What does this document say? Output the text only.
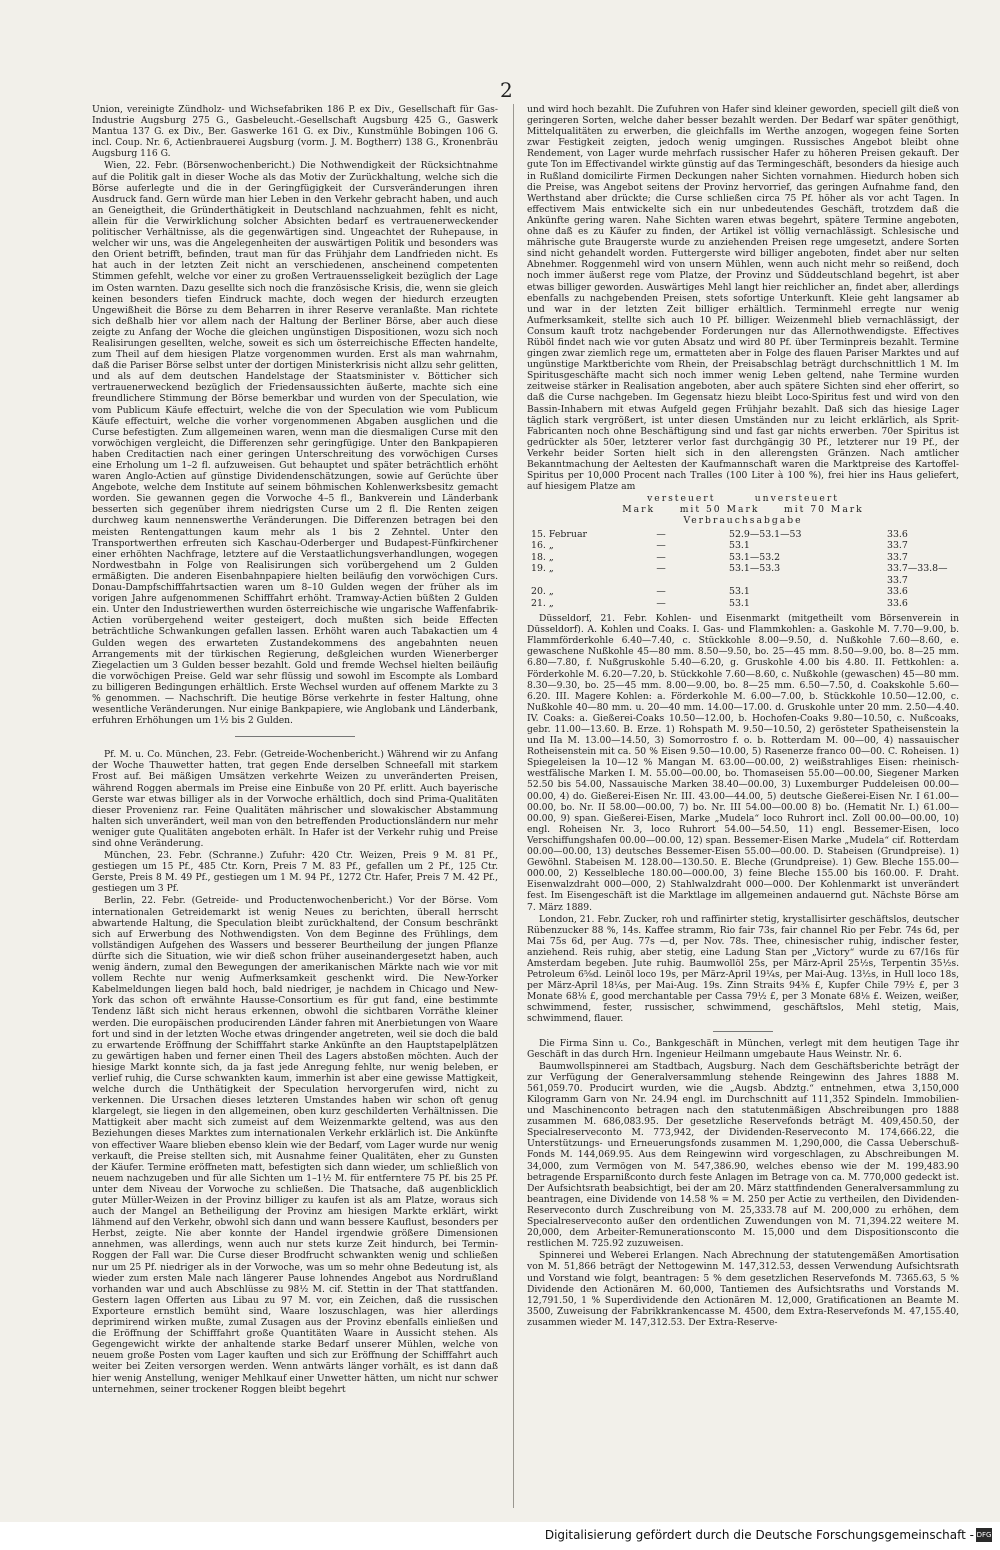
2

Union, vereinigte Zündholz- und Wichsefabriken 186 P. ex Div., Gesellschaft für Gas-Industrie Augsburg 275 G., Gasbeleucht.-Gesellschaft Augsburg 425 G., Gaswerk Mantua 137 G. ex Div., Ber. Gaswerke 161 G. ex Div., Kunstmühle Bobingen 106 G. incl. Coup. Nr. 6, Actienbrauerei Augsburg (vorm. J. M. Bogtherr) 138 G., Kronenbräu Augsburg 116 G.

Wien, 22. Febr. (Börsenwochenbericht.) Die Nothwendigkeit der Rücksichtnahme auf die Politik galt in dieser Woche als das Motiv der Zurückhaltung, welche sich die Börse auferlegte und die in der Geringfügigkeit der Cursveränderungen ihren Ausdruck fand. Gern würde man hier Leben in den Verkehr gebracht haben, und auch an Geneigtheit, die Gründerthätigkeit in Deutschland nachzuahmen, fehlt es nicht, allein für die Verwirklichung solcher Absichten bedarf es vertrauenerweckender politischer Verhältnisse, als die gegenwärtigen sind. Ungeachtet der Ruhepause, in welcher wir uns, was die Angelegenheiten der auswärtigen Politik und besonders was den Orient betrifft, befinden, traut man für das Frühjahr dem Landfrieden nicht. Es hat auch in der letzten Zeit nicht an verschiedenen, anscheinend competenten Stimmen gefehlt, welche vor einer zu großen Vertrauensseligkeit bezüglich der Lage im Osten warnten. Dazu gesellte sich noch die französische Krisis, die, wenn sie gleich keinen besonders tiefen Eindruck machte, doch wegen der hiedurch erzeugten Ungewißheit die Börse zu dem Beharren in ihrer Reserve veranlaßte. Man richtete sich deßhalb hier vor allem nach der Haltung der Berliner Börse, aber auch diese zeigte zu Anfang der Woche die gleichen ungünstigen Dispositionen, wozu sich noch Realisirungen gesellten, welche, soweit es sich um österreichische Effecten handelte, zum Theil auf dem hiesigen Platze vorgenommen wurden. Erst als man wahrnahm, daß die Pariser Börse selbst unter der dortigen Ministerkrisis nicht allzu sehr gelitten, und als auf dem deutschen Handelstage der Staatsminister v. Bötticher sich vertrauenerweckend bezüglich der Friedensaussichten äußerte, machte sich eine freundlichere Stimmung der Börse bemerkbar und wurden von der Speculation, wie vom Publicum Käufe effectuirt, welche die von der Speculation wie vom Publicum Käufe effectuirt, welche die vorher vorgenommenen Abgaben ausglichen und die Curse befestigten. Zum allgemeinen waren, wenn man die diesmaligen Curse mit den vorwöchigen vergleicht, die Differenzen sehr geringfügige. Unter den Bankpapieren haben Creditactien nach einer geringen Unterschreitung des vorwöchigen Curses eine Erholung um 1–2 fl. aufzuweisen. Gut behauptet und später beträchtlich erhöht waren Anglo-Actien auf günstige Dividendenschätzungen, sowie auf Gerüchte über Angebote, welche dem Institute auf seinem böhmischen Kohlenwerksbesitz gemacht worden. Sie gewannen gegen die Vorwoche 4–5 fl., Bankverein und Länderbank besserten sich gegenüber ihrem niedrigsten Curse um 2 fl. Die Renten zeigen durchweg kaum nennenswerthe Veränderungen. Die Differenzen betragen bei den meisten Rentengattungen kaum mehr als 1 bis 2 Zehntel. Unter den Transportwerthen erfreuten sich Kaschau-Oderberger und Budapest-Fünfkirchener einer erhöhten Nachfrage, letztere auf die Verstaatlichungsverhandlungen, wogegen Nordwestbahn in Folge von Realisirungen sich vorübergehend um 2 Gulden ermäßigten. Die anderen Eisenbahnpapiere hielten beiläufig den vorwöchigen Curs. Donau-Dampfschifffahrtsactien waren um 8–10 Gulden wegen der früher als im vorigen Jahre aufgenommenen Schifffahrt erhöht. Tramway-Actien büßten 2 Gulden ein. Unter den Industriewerthen wurden österreichische wie ungarische Waffenfabrik-Actien vorübergehend weiter gesteigert, doch mußten sich beide Effecten beträchtliche Schwankungen gefallen lassen. Erhöht waren auch Tabakactien um 4 Gulden wegen des erwarteten Zustandekommens des angebahnten neuen Arrangements mit der türkischen Regierung, deßgleichen wurden Wienerberger Ziegelactien um 3 Gulden besser bezahlt. Gold und fremde Wechsel hielten beiläufig die vorwöchigen Preise. Geld war sehr flüssig und sowohl im Escompte als Lombard zu billigeren Bedingungen erhältlich. Erste Wechsel wurden auf offenem Markte zu 3 % genommen. — Nachschrift. Die heutige Börse verkehrte in fester Haltung, ohne wesentliche Veränderungen. Nur einige Bankpapiere, wie Anglobank und Länderbank, erfuhren Erhöhungen um 1½ bis 2 Gulden.

Pf. M. u. Co. München, 23. Febr. (Getreide-Wochenbericht.) Während wir zu Anfang der Woche Thauwetter hatten, trat gegen Ende derselben Schneefall mit starkem Frost auf. Bei mäßigen Umsätzen verkehrte Weizen zu unveränderten Preisen, während Roggen abermals im Preise eine Einbuße von 20 Pf. erlitt. Auch bayerische Gerste war etwas billiger als in der Vorwoche erhältlich, doch sind Prima-Qualitäten dieser Provenienz rar. Feine Qualitäten mährischer und slowakischer Abstammung halten sich unverändert, weil man von den betreffenden Productionsländern nur mehr weniger gute Qualitäten angeboten erhält. In Hafer ist der Verkehr ruhig und Preise sind ohne Veränderung.

München, 23. Febr. (Schranne.) Zufuhr: 420 Ctr. Weizen, Preis 9 M. 81 Pf., gestiegen um 15 Pf., 485 Ctr. Korn, Preis 7 M. 83 Pf., gefallen um 2 Pf., 125 Ctr. Gerste, Preis 8 M. 49 Pf., gestiegen um 1 M. 94 Pf., 1272 Ctr. Hafer, Preis 7 M. 42 Pf., gestiegen um 3 Pf.

Berlin, 22. Febr. (Getreide- und Productenwochenbericht.) Vor der Börse. Vom internationalen Getreidemarkt ist wenig Neues zu berichten, überall herrscht abwartende Haltung, die Speculation bleibt zurückhaltend, der Consum beschränkt sich auf Erwerbung des Nothwendigsten. Von dem Beginne des Frühlings, dem vollständigen Aufgehen des Wassers und besserer Beurtheilung der jungen Pflanze dürfte sich die Situation, wie wir dieß schon früher auseinandergesetzt haben, auch wenig ändern, zumal den Bewegungen der amerikanischen Märkte nach wie vor mit vollem Rechte nur wenig Aufmerksamkeit geschenkt wird. Die New-Yorker Kabelmeldungen liegen bald hoch, bald niedriger, je nachdem in Chicago und New-York das schon oft erwähnte Hausse-Consortium es für gut fand, eine bestimmte Tendenz läßt sich nicht heraus erkennen, obwohl die sichtbaren Vorräthe kleiner werden. Die europäischen producirenden Länder fahren mit Anerbietungen von Waare fort und sind in der letzten Woche etwas dringender angetreten, weil sie doch die bald zu erwartende Eröffnung der Schifffahrt starke Ankünfte an den Hauptstapelplätzen zu gewärtigen haben und ferner einen Theil des Lagers abstoßen möchten. Auch der hiesige Markt konnte sich, da ja fast jede Anregung fehlte, nur wenig beleben, er verlief ruhig, die Curse schwankten kaum, immerhin ist aber eine gewisse Mattigkeit, welche durch die Unthätigkeit der Speculation hervorgerufen wird, nicht zu verkennen. Die Ursachen dieses letzteren Umstandes haben wir schon oft genug klargelegt, sie liegen in den allgemeinen, oben kurz geschilderten Verhältnissen. Die Mattigkeit aber macht sich zumeist auf dem Weizenmarkte geltend, was aus den Beziehungen dieses Marktes zum internationalen Verkehr erklärlich ist. Die Ankünfte von effectiver Waare blieben ebenso klein wie der Bedarf, vom Lager wurde nur wenig verkauft, die Preise stellten sich, mit Ausnahme feiner Qualitäten, eher zu Gunsten der Käufer. Termine eröffneten matt, befestigten sich dann wieder, um schließlich von neuem nachzugeben und für alle Sichten um 1–1½ M. für entferntere 75 Pf. bis 25 Pf. unter dem Niveau der Vorwoche zu schließen. Die Thatsache, daß augenblicklich guter Müller-Weizen in der Provinz billiger zu kaufen ist als am Platze, woraus sich auch der Mangel an Betheiligung der Provinz am hiesigen Markte erklärt, wirkt lähmend auf den Verkehr, obwohl sich dann und wann bessere Kauflust, besonders per Herbst, zeigte. Nie aber konnte der Handel irgendwie größere Dimensionen annehmen, was allerdings, wenn auch nur stets kurze Zeit hindurch, bei Termin-Roggen der Fall war. Die Curse dieser Brodfrucht schwankten wenig und schließen nur um 25 Pf. niedriger als in der Vorwoche, was um so mehr ohne Bedeutung ist, als wieder zum ersten Male nach längerer Pause lohnendes Angebot aus Nordrußland vorhanden war und auch Abschlüsse zu 98½ M. cif. Stettin in der That stattfanden. Gestern lagen Offerten aus Libau zu 97 M. vor, ein Zeichen, daß die russischen Exporteure ernstlich bemüht sind, Waare loszuschlagen, was hier allerdings deprimirend wirken mußte, zumal Zusagen aus der Provinz ebenfalls einließen und die Eröffnung der Schifffahrt große Quantitäten Waare in Aussicht stehen. Als Gegengewicht wirkte der anhaltende starke Bedarf unserer Mühlen, welche von neuem große Posten vom Lager kauften und sich zur Eröffnung der Schifffahrt auch weiter bei Zeiten versorgen werden. Wenn antwärts länger vorhält, es ist dann daß hier wenig Anstellung, weniger Mehlkauf einer Unwetter hätten, um nicht nur schwer unternehmen, seiner trockener Roggen bleibt begehrt

und wird hoch bezahlt. Die Zufuhren von Hafer sind kleiner geworden, speciell gilt dieß von geringeren Sorten, welche daher besser bezahlt werden. Der Bedarf war später genöthigt, Mittelqualitäten zu erwerben, die gleichfalls im Werthe anzogen, wogegen feine Sorten zwar Festigkeit zeigten, jedoch wenig umgingen. Russisches Angebot bleibt ohne Rendement, von Lager wurde mehrfach russischer Hafer zu höheren Preisen gekauft. Der gute Ton im Effectivandel wirkte günstig auf das Termingeschäft, besonders da hiesige auch in Rußland domicilirte Firmen Deckungen naher Sichten vornahmen. Hiedurch hoben sich die Preise, was Angebot seitens der Provinz hervorrief, das geringen Aufnahme fand, den Werthstand aber drückte; die Curse schließen circa 75 Pf. höher als vor acht Tagen. In effectivem Mais entwickelte sich ein nur unbedeutendes Geschäft, trotzdem daß die Ankünfte gering waren. Nahe Sichten waren etwas begehrt, spätere Termine angeboten, ohne daß es zu Käufer zu finden, der Artikel ist völlig vernachlässigt. Schlesische und mährische gute Braugerste wurde zu anziehenden Preisen rege umgesetzt, andere Sorten sind nicht gehandelt worden. Futtergerste wird billiger angeboten, findet aber nur selten Abnehmer. Roggenmehl wird von unsern Mühlen, wenn auch nicht mehr so reißend, doch noch immer äußerst rege vom Platze, der Provinz und Süddeutschland begehrt, ist aber etwas billiger geworden. Auswärtiges Mehl langt hier reichlicher an, findet aber, allerdings ebenfalls zu nachgebenden Preisen, stets sofortige Unterkunft. Kleie geht langsamer ab und war in der letzten Zeit billiger erhältlich. Terminmehl erregte nur wenig Aufmerksamkeit, stellte sich auch 10 Pf. billiger. Weizenmehl blieb vernachlässigt, der Consum kauft trotz nachgebender Forderungen nur das Allernothwendigste. Effectives Rüböl findet nach wie vor guten Absatz und wird 80 Pf. über Terminpreis bezahlt. Termine gingen zwar ziemlich rege um, ermatteten aber in Folge des flauen Pariser Marktes und auf ungünstige Marktberichte vom Rhein, der Preisabschlag beträgt durchschnittlich 1 M. Im Spiritusgeschäfte macht sich noch immer wenig Leben geltend, nahe Termine wurden zeitweise stärker in Realisation angeboten, aber auch spätere Sichten sind eher offerirt, so daß die Curse nachgeben. Im Gegensatz hiezu bleibt Loco-Spiritus fest und wird von den Bassin-Inhabern mit etwas Aufgeld gegen Frühjahr bezahlt. Daß sich das hiesige Lager täglich stark vergrößert, ist unter diesen Umständen nur zu leicht erklärlich, als Sprit-Fabricanten noch ohne Beschäftigung sind und fast gar nichts erwerben. 70er Spiritus ist gedrückter als 50er, letzterer verlor fast durchgängig 30 Pf., letzterer nur 19 Pf., der Verkehr beider Sorten hielt sich in den allerengsten Gränzen. Nach amtlicher Bekanntmachung der Aeltesten der Kaufmannschaft waren die Marktpreise des Kartoffel-Spiritus per 10,000 Procent nach Tralles (100 Liter à 100 %), frei hier ins Haus geliefert, auf hiesigem Platze am

versteuert	unversteuert
Mark	mit 50 Mark	mit 70 Mark
Verbrauchsabgabe
15. Februar	—	52.9—53.1—53	33.6
16. „	—	53.1	33.7
18. „	—	53.1—53.2	33.7
19. „	—	53.1—53.3	33.7—33.8—33.7
20. „	—	53.1	33.6
21. „	—	53.1	33.6

Düsseldorf, 21. Febr. Kohlen- und Eisenmarkt (mitgetheilt vom Börsenverein in Düsseldorf). A. Kohlen und Coaks. I. Gas- und Flammkohlen: a. Gaskohle M. 7.70—9.00, b. Flammförderkohle 6.40—7.40, c. Stückkohle 8.00—9.50, d. Nußkohle 7.60—8.60, e. gewaschene Nußkohle 45—80 mm. 8.50—9.50, bo. 25—45 mm. 8.50—9.00, bo. 8—25 mm. 6.80—7.80, f. Nußgruskohle 5.40—6.20, g. Gruskohle 4.00 bis 4.80. II. Fettkohlen: a. Förderkohle M. 6.20—7.20, b. Stückkohle 7.60—8.60, c. Nußkohle (gewaschen) 45—80 mm. 8.30—9.30, bo. 25—45 mm. 8.00—9.00, bo. 8—25 mm. 6.50—7.50, d. Coakskohle 5.60—6.20. III. Magere Kohlen: a. Förderkohle M. 6.00—7.00, b. Stückkohle 10.50—12.00, c. Nußkohle 40—80 mm. u. 20—40 mm. 14.00—17.00. d. Gruskohle unter 20 mm. 2.50—4.40. IV. Coaks: a. Gießerei-Coaks 10.50—12.00, b. Hochofen-Coaks 9.80—10.50, c. Nußcoaks, gebr. 11.00—13.60. B. Erze. 1) Rohspath M. 9.50—10.50, 2) gerösteter Spatheisenstein la und IIa M. 13.00—14.50, 3) Somorrostro f. o. b. Rotterdam M. 00—00, 4) nassauischer Rotheisenstein mit ca. 50 % Eisen 9.50—10.00, 5) Rasenerze franco 00—00. C. Roheisen. 1) Spiegeleisen la 10—12 % Mangan M. 63.00—00.00, 2) weißstrahliges Eisen: rheinisch-westfälische Marken I. M. 55.00—00.00, bo. Thomaseisen 55.00—00.00, Siegener Marken 52.50 bis 54.00, Nassauische Marken 38.40—00.00, 3) Luxemburger Puddeleisen 00.00—00.00, 4) do. Gießerei-Eisen Nr. III. 43.00—44.00, 5) deutsche Gießerei-Eisen Nr. I 61.00—00.00, bo. Nr. II 58.00—00.00, 7) bo. Nr. III 54.00—00.00 8) bo. (Hematit Nr. I.) 61.00—00.00, 9) span. Gießerei-Eisen, Marke „Mudela“ loco Ruhrort incl. Zoll 00.00—00.00, 10) engl. Roheisen Nr. 3, loco Ruhrort 54.00—54.50, 11) engl. Bessemer-Eisen, loco Verschiffungshafen 00.00—00.00, 12) span. Bessemer-Eisen Marke „Mudela“ cif. Rotterdam 00.00—00.00, 13) deutsches Bessemer-Eisen 55.00—00.00. D. Stabeisen (Grundpreise). 1) Gewöhnl. Stabeisen M. 128.00—130.50. E. Bleche (Grundpreise). 1) Gew. Bleche 155.00—000.00, 2) Kesselbleche 180.00—000.00, 3) feine Bleche 155.00 bis 160.00. F. Draht. Eisenwalzdraht 000—000, 2) Stahlwalzdraht 000—000. Der Kohlenmarkt ist unverändert fest. Im Eisengeschäft ist die Marktlage im allgemeinen andauernd gut. Nächste Börse am 7. März 1889.

London, 21. Febr. Zucker, roh und raffinirter stetig, krystallisirter geschäftslos, deutscher Rübenzucker 88 %, 14s. Kaffee stramm, Rio fair 73s, fair channel Rio per Febr. 74s 6d, per Mai 75s 6d, per Aug. 77s —d, per Nov. 78s. Thee, chinesischer ruhig, indischer fester, anziehend. Reis ruhig, aber stetig, eine Ladung Stan per „Victory“ wurde zu 67/16s für Amsterdam begeben. Jute ruhig. Baumwollöl 25s, per März-April 25½s, Terpentin 35½s. Petroleum 6⅝d. Leinöl loco 19s, per März-April 19¼s, per Mai-Aug. 13½s, in Hull loco 18s, per März-April 18¼s, per Mai-Aug. 19s. Zinn Straits 94⅜ £, Kupfer Chile 79½ £, per 3 Monate 68⅛ £, good merchantable per Cassa 79½ £, per 3 Monate 68⅛ £. Weizen, weißer, schwimmend, fester, russischer, schwimmend, geschäftslos, Mehl stetig, Mais, schwimmend, flauer.

Die Firma Sinn u. Co., Bankgeschäft in München, verlegt mit dem heutigen Tage ihr Geschäft in das durch Hrn. Ingenieur Heilmann umgebaute Haus Weinstr. Nr. 6.

Baumwollspinnerei am Stadtbach, Augsburg. Nach dem Geschäftsberichte beträgt der zur Verfügung der Generalversammlung stehende Reingewinn des Jahres 1888 M. 561,059.70. Producirt wurden, wie die „Augsb. Abdztg.“ entnehmen, etwa 3,150,000 Kilogramm Garn von Nr. 24.94 engl. im Durchschnitt auf 111,352 Spindeln. Immobilien- und Maschinenconto betragen nach den statutenmäßigen Abschreibungen pro 1888 zusammen M. 686,083.95. Der gesetzliche Reservefonds beträgt M. 409,450.50, der Specialreserveconto M. 773,942, der Dividenden-Reserveconto M. 174,666.22, die Unterstützungs- und Erneuerungsfonds zusammen M. 1,290,000, die Cassa Ueberschuß-Fonds M. 144,069.95. Aus dem Reingewinn wird vorgeschlagen, zu Abschreibungen M. 34,000, zum Vermögen von M. 547,386.90, welches ebenso wie der M. 199,483.90 betragende Ersparnißconto durch feste Anlagen im Betrage von ca. M. 770,000 gedeckt ist. Der Aufsichtsrath beabsichtigt, bei der am 20. März stattfindenden Generalversammlung zu beantragen, eine Dividende von 14.58 % = M. 250 per Actie zu vertheilen, den Dividenden-Reserveconto durch Zuschreibung von M. 25,333.78 auf M. 200,000 zu erhöhen, dem Specialreserveconto außer den ordentlichen Zuwendungen von M. 71,394.22 weitere M. 20,000, dem Arbeiter-Remunerationsconto M. 15,000 und dem Dispositionsconto die restlichen M. 725.92 zuzuweisen.

Spinnerei und Weberei Erlangen. Nach Abrechnung der statutengemäßen Amortisation von M. 51,866 beträgt der Nettogewinn M. 147,312.53, dessen Verwendung Aufsichtsrath und Vorstand wie folgt, beantragen: 5 % dem gesetzlichen Reservefonds M. 7365.63, 5 % Dividende den Actionären M. 60,000, Tantiemen des Aufsichtsraths und Vorstands M. 12,791.50, 1 % Superdividende den Actionären M. 12,000, Gratificationen an Beamte M. 3500, Zuweisung der Fabrikkrankencasse M. 4500, dem Extra-Reservefonds M. 47,155.40, zusammen wieder M. 147,312.53. Der Extra-Reserve-

Digitalisierung gefördert durch die Deutsche Forschungsgemeinschaft - DFG
